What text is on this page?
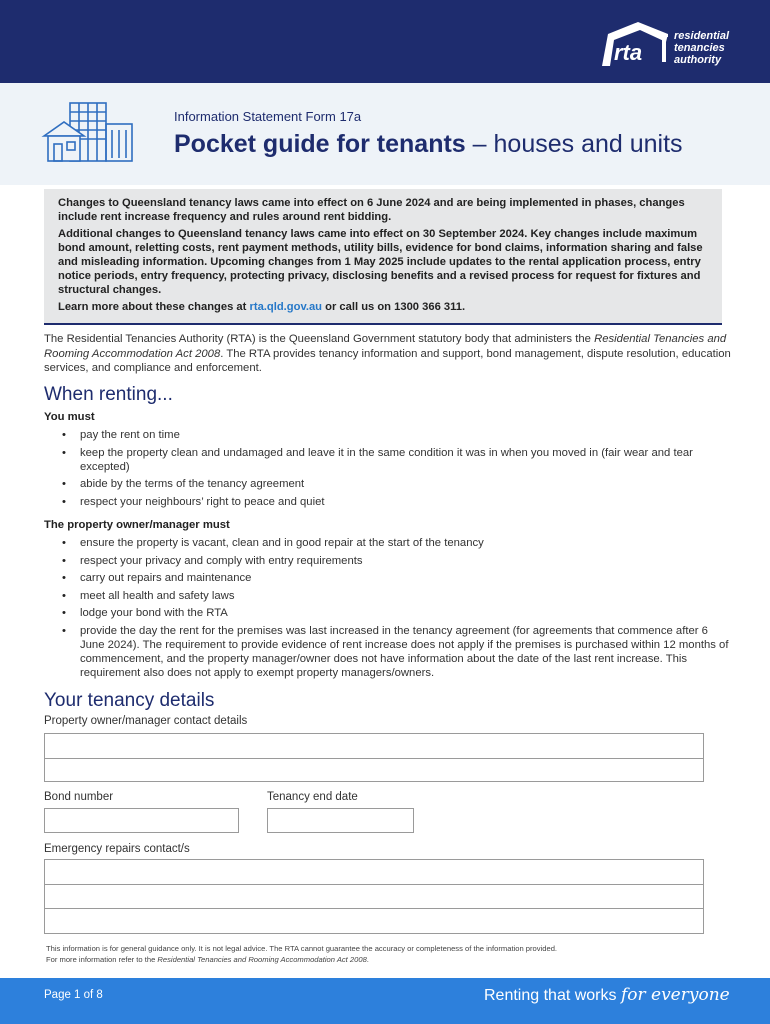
rta
residential
tenancies
authority
Information Statement Form 17a
Pocket guide for tenants – houses and units

Changes to Queensland tenancy laws came into effect on 6 June 2024 and are being implemented in phases, changes include rent increase frequency and rules around rent bidding.

Additional changes to Queensland tenancy laws came into effect on 30 September 2024. Key changes include maximum bond amount, reletting costs, rent payment methods, utility bills, evidence for bond claims, information sharing and false and misleading information. Upcoming changes from 1 May 2025 include updates to the rental application process, entry notice periods, entry frequency, protecting privacy, disclosing benefits and a revised process for request for fixtures and structural changes.

Learn more about these changes at rta.qld.gov.au or call us on 1300 366 311.

The Residential Tenancies Authority (RTA) is the Queensland Government statutory body that administers the Residential Tenancies and Rooming Accommodation Act 2008. The RTA provides tenancy information and support, bond management, dispute resolution, education services, and compliance and enforcement.
When renting...
You must
• pay the rent on time
• keep the property clean and undamaged and leave it in the same condition it was in when you moved in (fair wear and tear excepted)
• abide by the terms of the tenancy agreement
• respect your neighbours’ right to peace and quiet
The property owner/manager must
• ensure the property is vacant, clean and in good repair at the start of the tenancy
• respect your privacy and comply with entry requirements
• carry out repairs and maintenance
• meet all health and safety laws
• lodge your bond with the RTA
• provide the day the rent for the premises was last increased in the tenancy agreement (for agreements that commence after 6 June 2024). The requirement to provide evidence of rent increase does not apply if the premises is purchased within 12 months of commencement, and the property manager/owner does not have information about the date of the last rent increase. This requirement also does not apply to exempt property managers/owners.
Your tenancy details
Property owner/manager contact details
Bond number	Tenancy end date
Emergency repairs contact/s
This information is for general guidance only. It is not legal advice. The RTA cannot guarantee the accuracy or completeness of the information provided.
For more information refer to the Residential Tenancies and Rooming Accommodation Act 2008.
Page 1 of 8	Renting that works for everyone
